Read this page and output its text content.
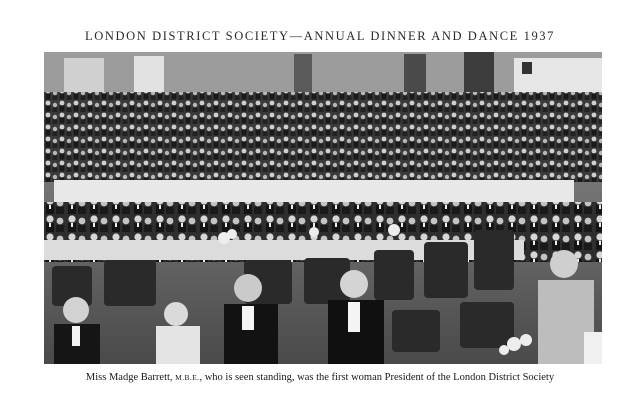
LONDON DISTRICT SOCIETY—ANNUAL DINNER AND DANCE 1937
Miss Madge Barrett, M.B.E., who is seen standing, was the first woman President of the London District Society
